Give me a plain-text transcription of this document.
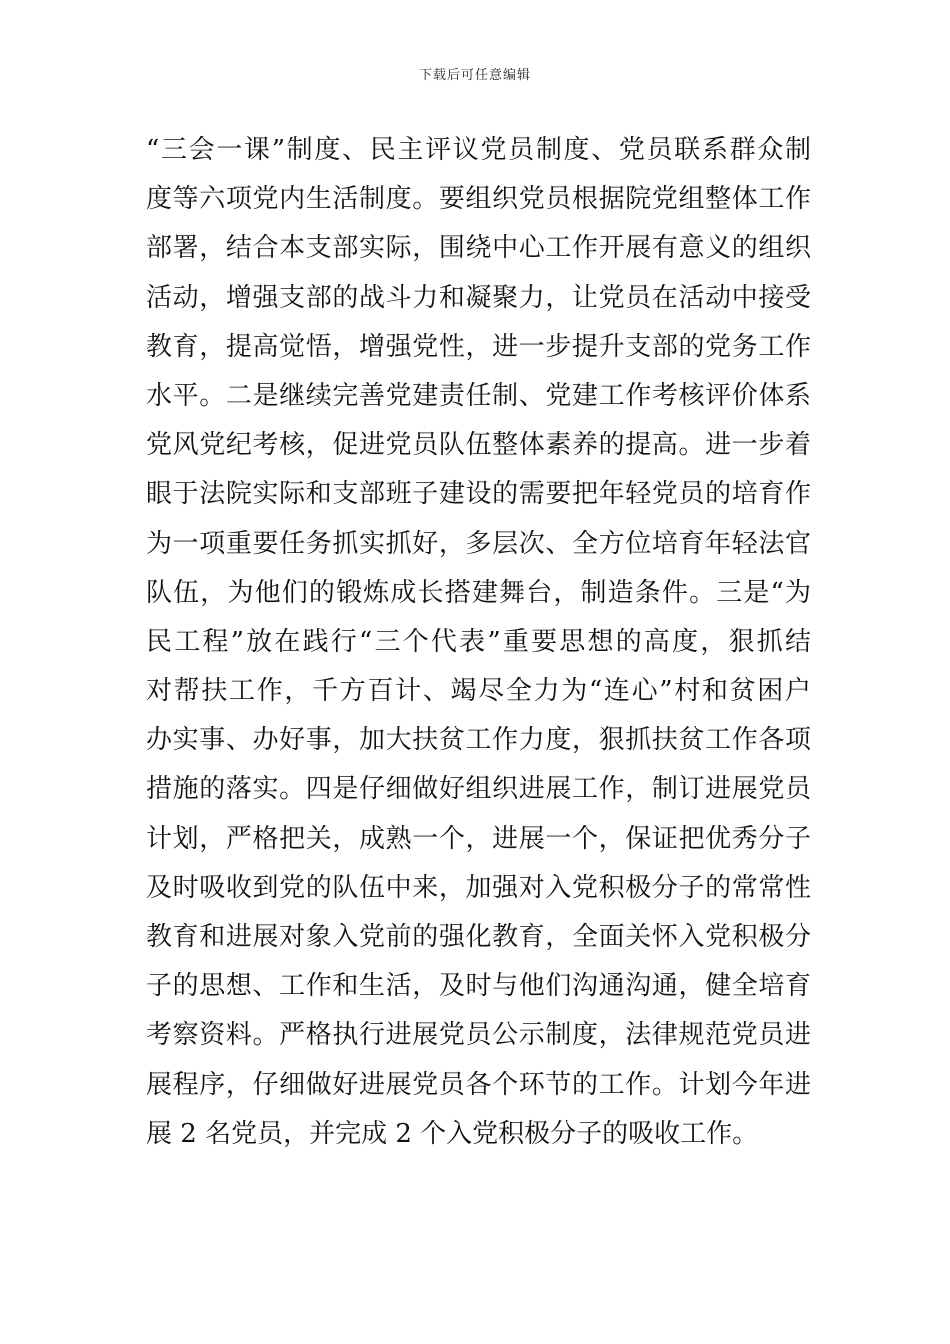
下载后可任意编辑
“三会一课”制度、民主评议党员制度、党员联系群众制
度等六项党内生活制度。要组织党员根据院党组整体工作
部署，结合本支部实际，围绕中心工作开展有意义的组织
活动，增强支部的战斗力和凝聚力，让党员在活动中接受
教育，提高觉悟，增强党性，进一步提升支部的党务工作
水平。二是继续完善党建责任制、党建工作考核评价体系
党风党纪考核，促进党员队伍整体素养的提高。进一步着
眼于法院实际和支部班子建设的需要把年轻党员的培育作
为一项重要任务抓实抓好，多层次、全方位培育年轻法官
队伍，为他们的锻炼成长搭建舞台，制造条件。三是“为
民工程”放在践行“三个代表”重要思想的高度，狠抓结
对帮扶工作，千方百计、竭尽全力为“连心”村和贫困户
办实事、办好事，加大扶贫工作力度，狠抓扶贫工作各项
措施的落实。四是仔细做好组织进展工作，制订进展党员
计划，严格把关，成熟一个，进展一个，保证把优秀分子
及时吸收到党的队伍中来，加强对入党积极分子的常常性
教育和进展对象入党前的强化教育，全面关怀入党积极分
子的思想、工作和生活，及时与他们沟通沟通，健全培育
考察资料。严格执行进展党员公示制度，法律规范党员进
展程序，仔细做好进展党员各个环节的工作。计划今年进
展 2 名党员，并完成 2 个入党积极分子的吸收工作。
